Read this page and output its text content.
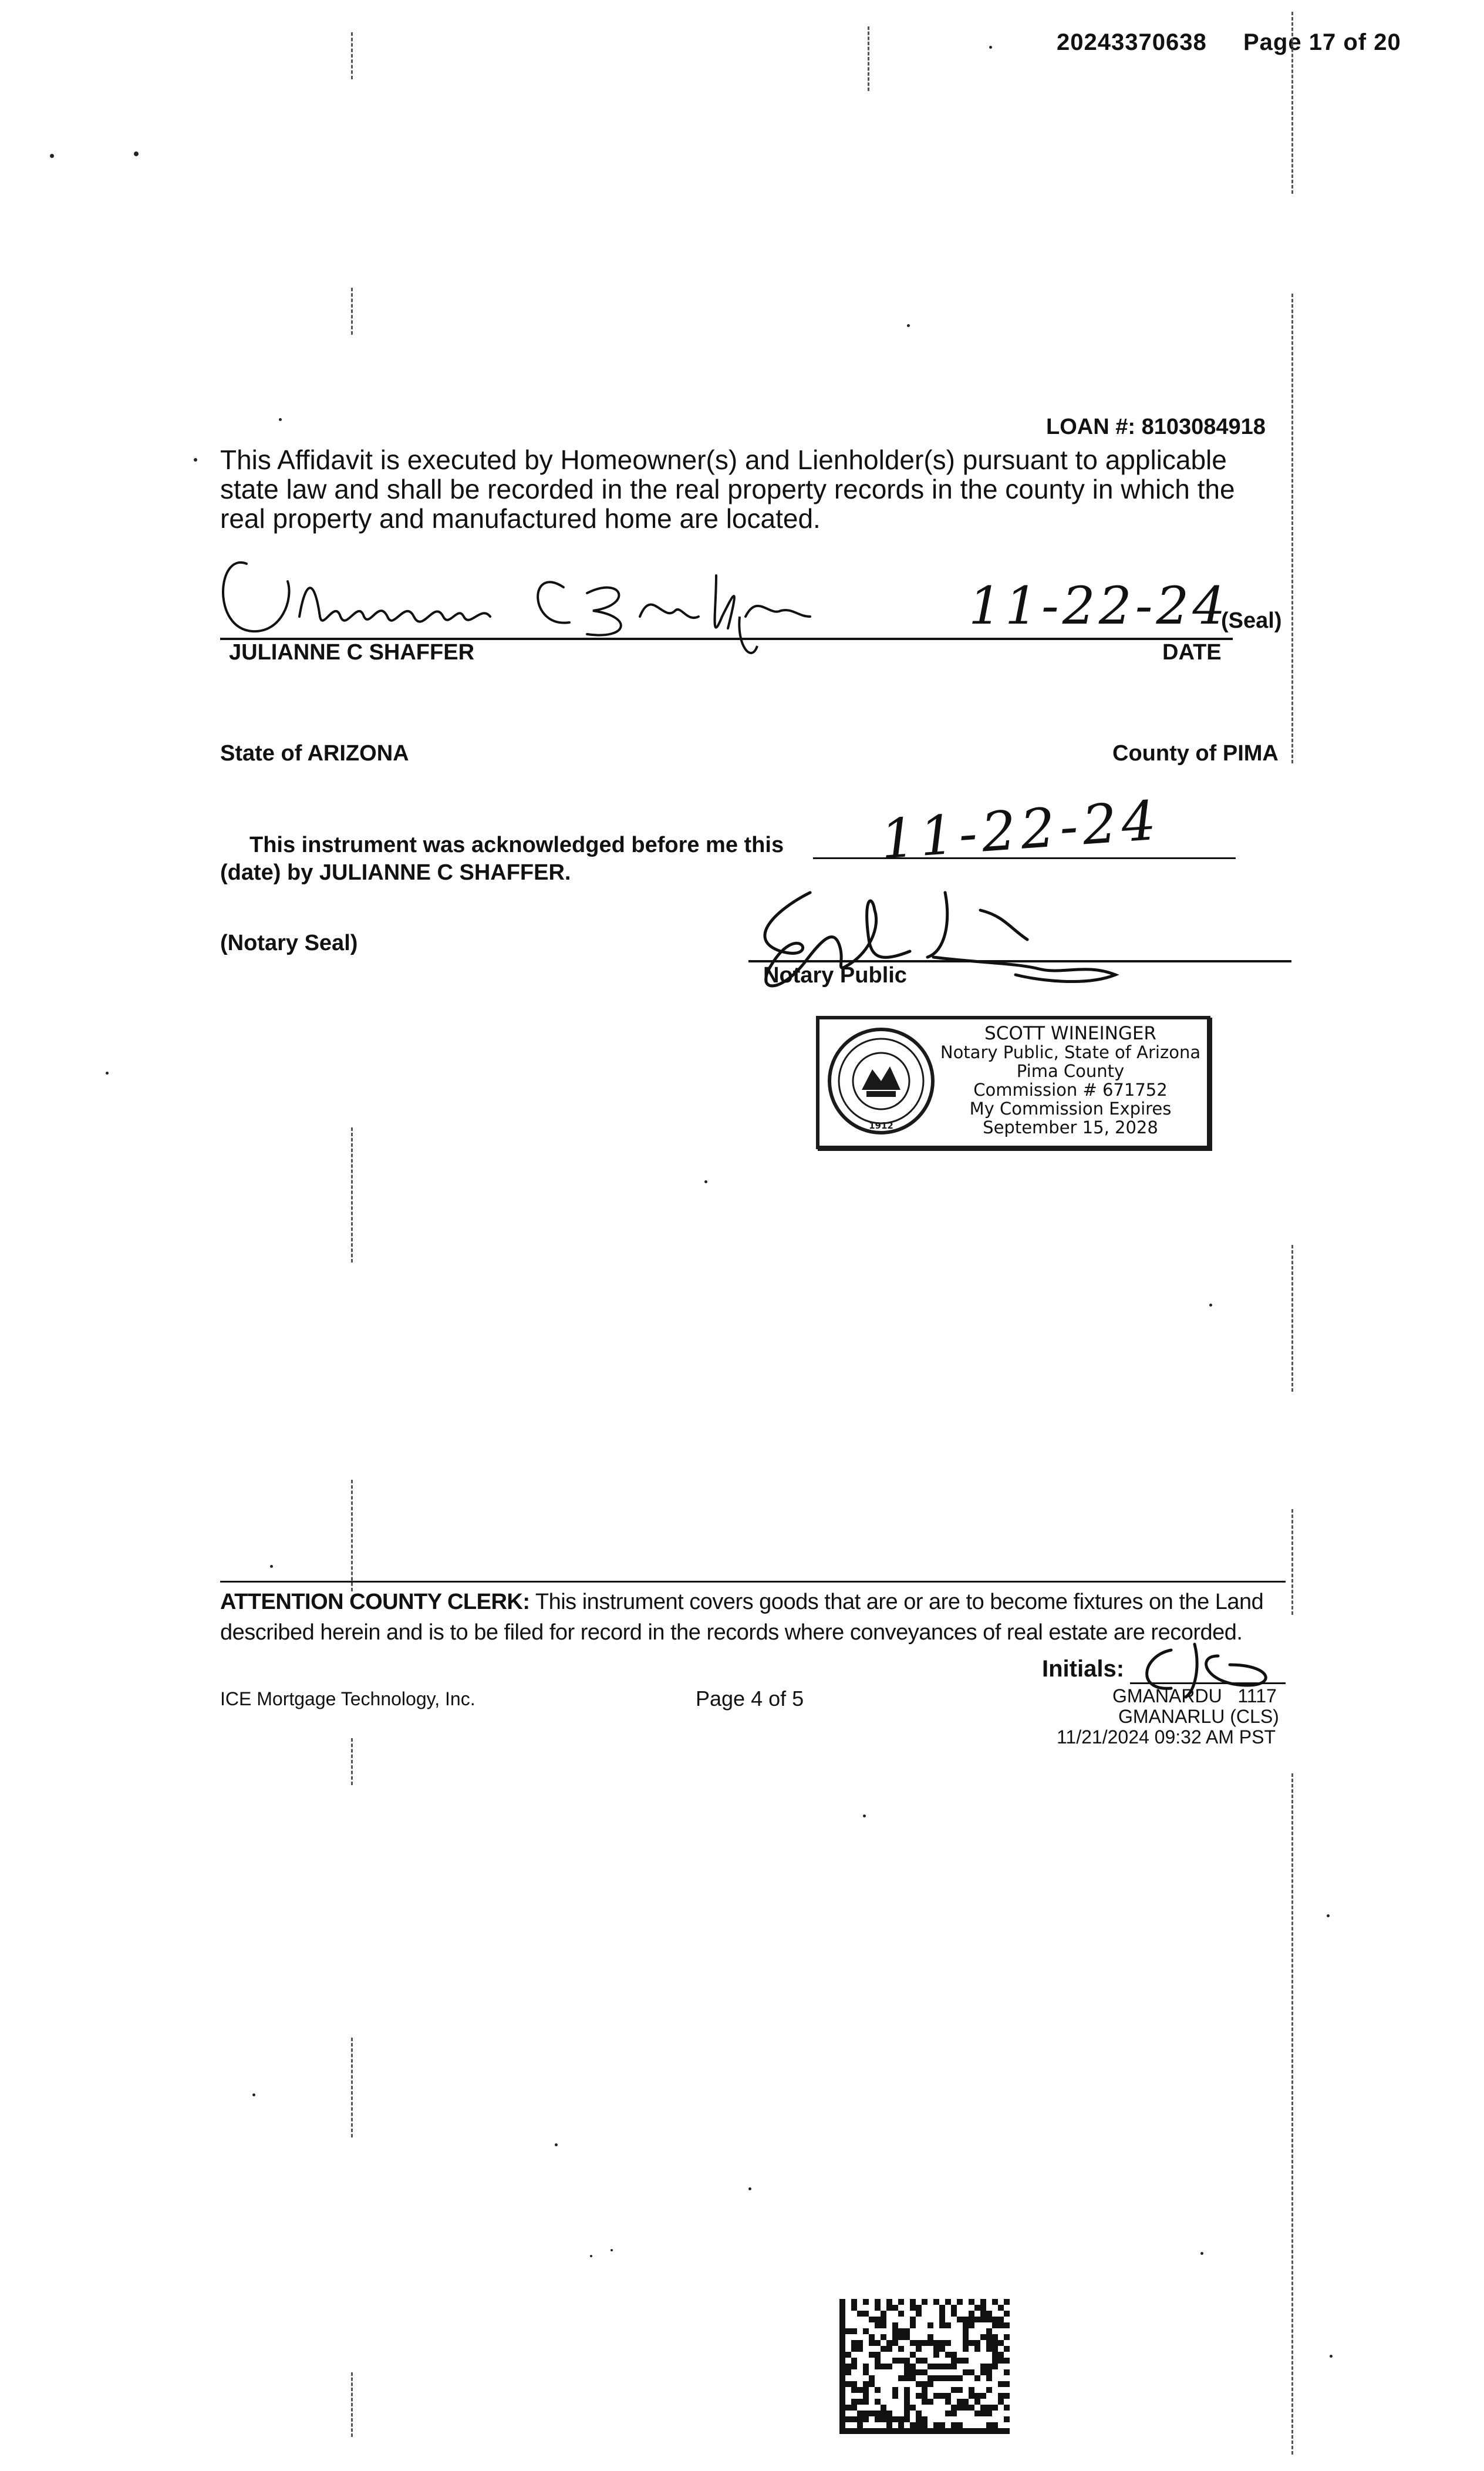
20243370638 Page 17 of 20
LOAN #: 8103084918
This Affidavit is executed by Homeowner(s) and Lienholder(s) pursuant to applicable
state law and shall be recorded in the real property records in the county in which the
real property and manufactured home are located.
11-22-24
(Seal)
JULIANNE C SHAFFER	DATE
State of ARIZONA	County of PIMA
This instrument was acknowledged before me this 11-22-24
(date) by JULIANNE C SHAFFER.
(Notary Seal)
Notary Public
1912
SCOTT WINEINGER
Notary Public, State of Arizona
Pima County
Commission # 671752
My Commission Expires
September 15, 2028
ATTENTION COUNTY CLERK: This instrument covers goods that are or are to become fixtures on the Land
described herein and is to be filed for record in the records where conveyances of real estate are recorded.
Initials:
ICE Mortgage Technology, Inc.	Page 4 of 5	GMANARDU   1117
GMANARLU (CLS)
11/21/2024 09:32 AM PST
